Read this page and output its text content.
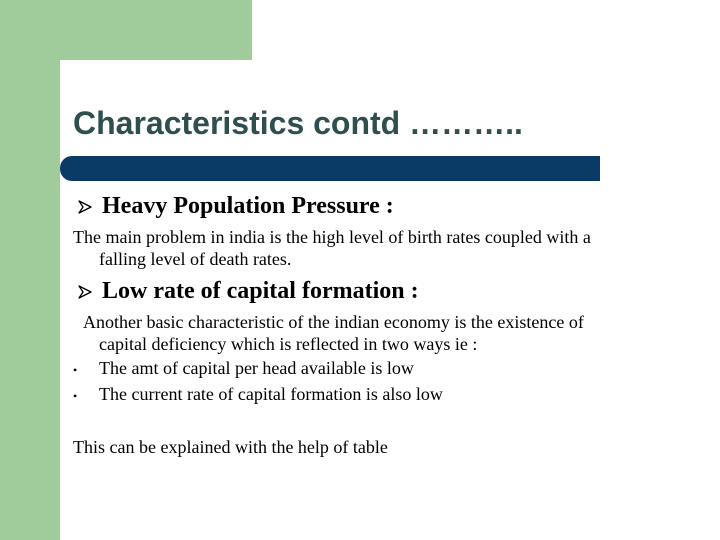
Characteristics contd ………..
Heavy Population Pressure :

The main problem in india is the high level of birth rates coupled with a

falling level of death rates.

Low rate of capital formation :

Another basic characteristic of the indian economy is the existence of

capital deficiency which is reflected in two ways ie :

• The amt of capital per head available is low

• The current rate of capital formation is also low

This can be explained with the help of table
